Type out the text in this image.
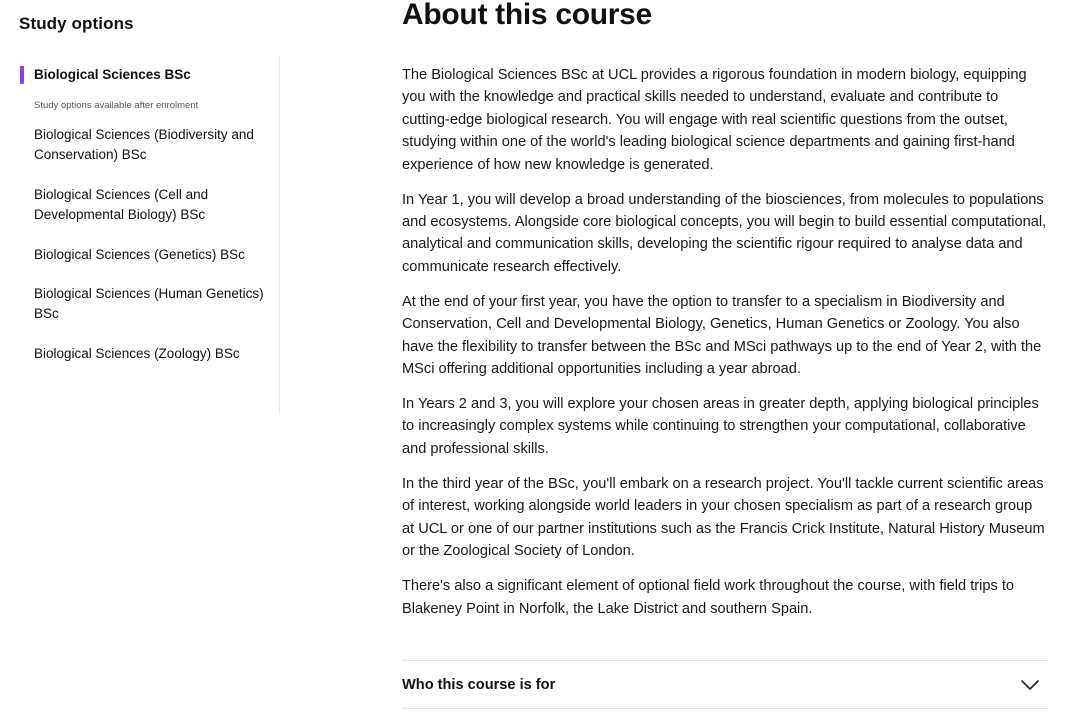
Study options
Biological Sciences BSc
Study options available after enrolment
Biological Sciences (Biodiversity and Conservation) BSc
Biological Sciences (Cell and Developmental Biology) BSc
Biological Sciences (Genetics) BSc
Biological Sciences (Human Genetics) BSc
Biological Sciences (Zoology) BSc
About this course

The Biological Sciences BSc at UCL provides a rigorous foundation in modern biology, equipping you with the knowledge and practical skills needed to understand, evaluate and contribute to cutting-edge biological research. You will engage with real scientific questions from the outset, studying within one of the world's leading biological science departments and gaining first-hand experience of how new knowledge is generated.

In Year 1, you will develop a broad understanding of the biosciences, from molecules to populations and ecosystems. Alongside core biological concepts, you will begin to build essential computational, analytical and communication skills, developing the scientific rigour required to analyse data and communicate research effectively.

At the end of your first year, you have the option to transfer to a specialism in Biodiversity and Conservation, Cell and Developmental Biology, Genetics, Human Genetics or Zoology. You also have the flexibility to transfer between the BSc and MSci pathways up to the end of Year 2, with the MSci offering additional opportunities including a year abroad.

In Years 2 and 3, you will explore your chosen areas in greater depth, applying biological principles to increasingly complex systems while continuing to strengthen your computational, collaborative and professional skills.

In the third year of the BSc, you'll embark on a research project. You'll tackle current scientific areas of interest, working alongside world leaders in your chosen specialism as part of a research group at UCL or one of our partner institutions such as the Francis Crick Institute, Natural History Museum or the Zoological Society of London.

There's also a significant element of optional field work throughout the course, with field trips to Blakeney Point in Norfolk, the Lake District and southern Spain.

Who this course is for
